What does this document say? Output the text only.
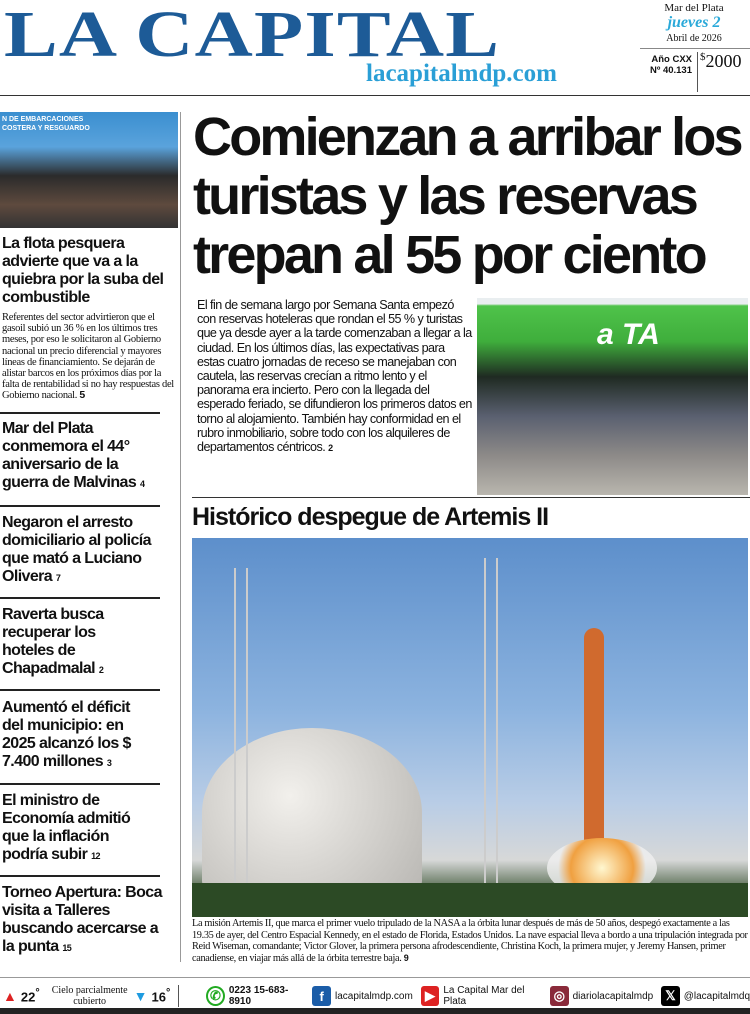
LA CAPITAL
lacapitalmdp.com
Mar del Plata
jueves 2
Abril de 2026
Año CXX
Nº 40.131
$2000
N DE EMBARCACIONES COSTERA Y RESGUARDO
La flota pesquera advierte que va a la quiebra por la suba del combustible
Referentes del sector advirtieron que el gasoil subió un 36 % en los últimos tres meses, por eso le solicitaron al Gobierno nacional un precio diferencial y mayores líneas de financiamiento. Se dejarán de alistar barcos en los próximos días por la falta de rentabilidad si no hay respuestas del Gobierno nacional. 5
Mar del Plata conmemora el 44° aniversario de la guerra de Malvinas 4
Negaron el arresto domiciliario al policía que mató a Luciano Olivera 7
Raverta busca recuperar los hoteles de Chapadmalal 2
Aumentó el déficit del municipio: en 2025 alcanzó los $ 7.400 millones 3
El ministro de Economía admitió que la inflación podría subir 12
Torneo Apertura: Boca visita a Talleres buscando acercarse a la punta 15
Comienzan a arribar los turistas y las reservas trepan al 55 por ciento
El fin de semana largo por Semana Santa empezó con reservas hoteleras que rondan el 55 % y turistas que ya desde ayer a la tarde comenzaban a llegar a la ciudad. En los últimos días, las expectativas para estas cuatro jornadas de receso se manejaban con cautela, las reservas crecían a ritmo lento y el panorama era incierto. Pero con la llegada del esperado feriado, se difundieron los primeros datos en torno al alojamiento. También hay conformidad en el rubro inmobiliario, sobre todo con los alquileres de departamentos céntricos. 2
a TA
Histórico despegue de Artemis II
La misión Artemis II, que marca el primer vuelo tripulado de la NASA a la órbita lunar después de más de 50 años, despegó exactamente a las 19.35 de ayer, del Centro Espacial Kennedy, en el estado de Florida, Estados Unidos. La nave espacial lleva a bordo a una tripulación integrada por Reid Wiseman, comandante; Victor Glover, la primera persona afrodescendiente, Christina Koch, la primera mujer, y Jeremy Hansen, primer canadiense, en viajar más allá de la órbita terrestre baja. 9
▲ 22° Cielo parcialmente cubierto	▼ 16°	✆ 0223 15-683-8910	f	lacapitalmdp.com ▶ La Capital Mar del Plata	◎ diariolacapitalmdp 𝕏 @lacapitalmdq
